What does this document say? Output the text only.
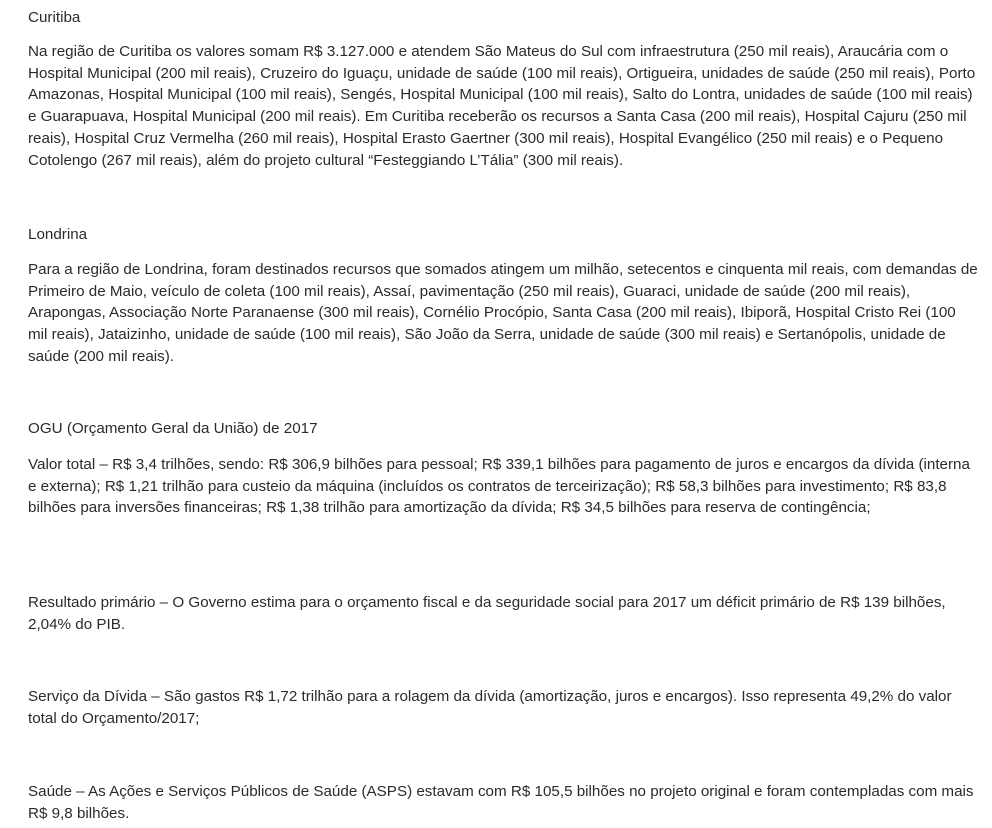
Curitiba

Na região de Curitiba os valores somam R$ 3.127.000 e atendem São Mateus do Sul com infraestrutura (250 mil reais), Araucária com o Hospital Municipal (200 mil reais), Cruzeiro do Iguaçu, unidade de saúde (100 mil reais), Ortigueira, unidades de saúde (250 mil reais), Porto Amazonas, Hospital Municipal (100 mil reais), Sengés, Hospital Municipal (100 mil reais), Salto do Lontra, unidades de saúde (100 mil reais) e Guarapuava, Hospital Municipal (200 mil reais). Em Curitiba receberão os recursos a Santa Casa (200 mil reais), Hospital Cajuru (250 mil reais), Hospital Cruz Vermelha (260 mil reais), Hospital Erasto Gaertner (300 mil reais), Hospital Evangélico (250 mil reais) e o Pequeno Cotolengo (267 mil reais), além do projeto cultural “Festeggiando L’Tália” (300 mil reais).

Londrina

Para a região de Londrina, foram destinados recursos que somados atingem um milhão, setecentos e cinquenta mil reais, com demandas de Primeiro de Maio, veículo de coleta (100 mil reais), Assaí, pavimentação (250 mil reais), Guaraci, unidade de saúde (200 mil reais), Arapongas, Associação Norte Paranaense (300 mil reais), Cornélio Procópio, Santa Casa (200 mil reais), Ibiporã, Hospital Cristo Rei (100 mil reais), Jataizinho, unidade de saúde (100 mil reais), São João da Serra, unidade de saúde (300 mil reais) e Sertanópolis, unidade de saúde (200 mil reais).

OGU (Orçamento Geral da União) de 2017

Valor total – R$ 3,4 trilhões, sendo: R$ 306,9 bilhões para pessoal; R$ 339,1 bilhões para pagamento de juros e encargos da dívida (interna e externa); R$ 1,21 trilhão para custeio da máquina (incluídos os contratos de terceirização); R$ 58,3 bilhões para investimento; R$ 83,8 bilhões para inversões financeiras; R$ 1,38 trilhão para amortização da dívida; R$ 34,5 bilhões para reserva de contingência;

Resultado primário – O Governo estima para o orçamento fiscal e da seguridade social para 2017 um déficit primário de R$ 139 bilhões, 2,04% do PIB.

Serviço da Dívida – São gastos R$ 1,72 trilhão para a rolagem da dívida (amortização, juros e encargos). Isso representa 49,2% do valor total do Orçamento/2017;

Saúde – As Ações e Serviços Públicos de Saúde (ASPS) estavam com R$ 105,5 bilhões no projeto original e foram contempladas com mais R$ 9,8 bilhões.
